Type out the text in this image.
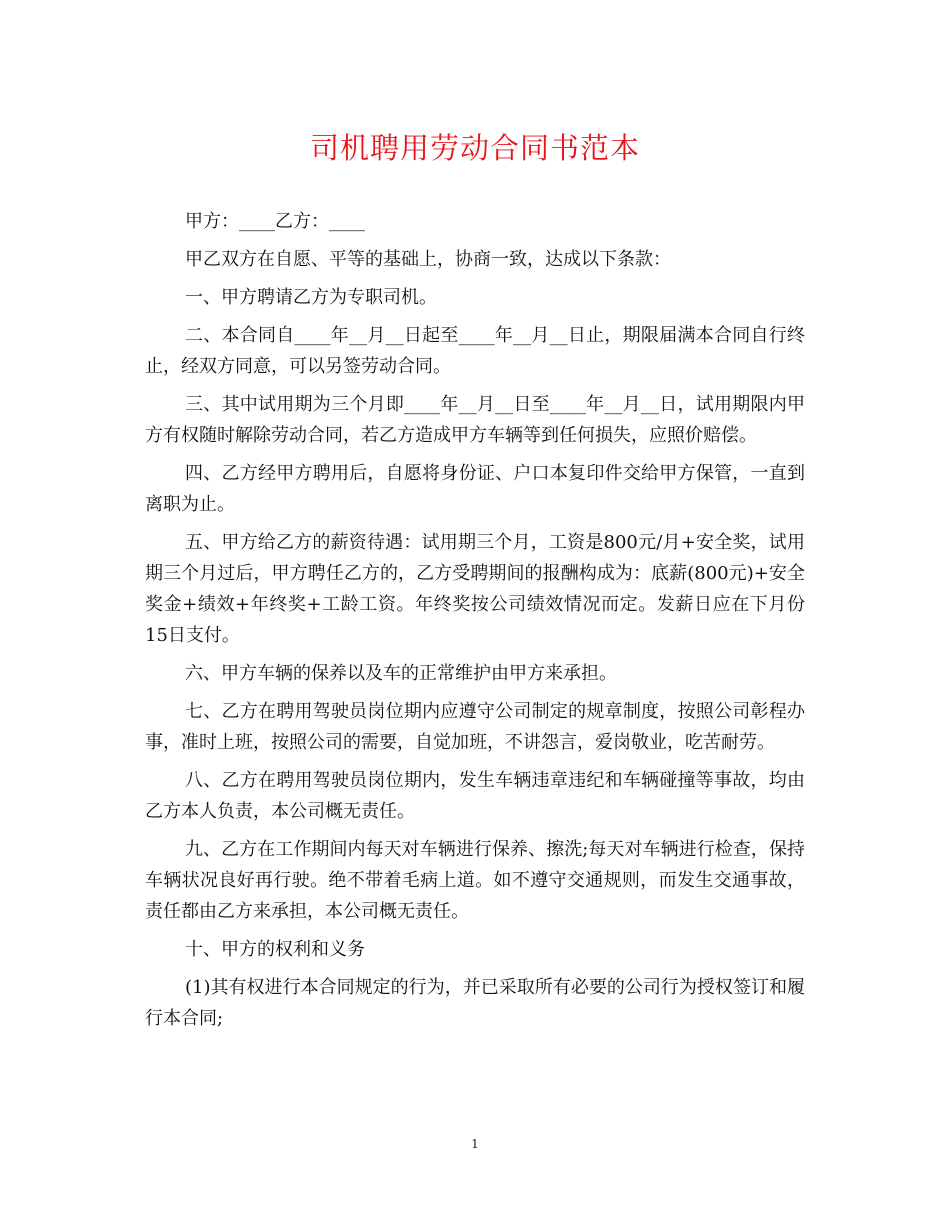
司机聘用劳动合同书范本

甲方：____乙方：____

甲乙双方在自愿、平等的基础上，协商一致，达成以下条款：

一、甲方聘请乙方为专职司机。

二、本合同自____年__月__日起至____年__月__日止，期限届满本合同自行终止，经双方同意，可以另签劳动合同。

三、其中试用期为三个月即____年__月__日至____年__月__日，试用期限内甲方有权随时解除劳动合同，若乙方造成甲方车辆等到任何损失，应照价赔偿。

四、乙方经甲方聘用后，自愿将身份证、户口本复印件交给甲方保管，一直到离职为止。

五、甲方给乙方的薪资待遇：试用期三个月，工资是800元/月+安全奖，试用期三个月过后，甲方聘任乙方的，乙方受聘期间的报酬构成为：底薪(800元)+安全奖金+绩效+年终奖+工龄工资。年终奖按公司绩效情况而定。发薪日应在下月份15日支付。

六、甲方车辆的保养以及车的正常维护由甲方来承担。

七、乙方在聘用驾驶员岗位期内应遵守公司制定的规章制度，按照公司彰程办事，准时上班，按照公司的需要，自觉加班，不讲怨言，爱岗敬业，吃苦耐劳。

八、乙方在聘用驾驶员岗位期内，发生车辆违章违纪和车辆碰撞等事故，均由乙方本人负责，本公司概无责任。

九、乙方在工作期间内每天对车辆进行保养、擦洗;每天对车辆进行检查，保持车辆状况良好再行驶。绝不带着毛病上道。如不遵守交通规则，而发生交通事故，责任都由乙方来承担，本公司概无责任。

十、甲方的权利和义务

(1)其有权进行本合同规定的行为，并已采取所有必要的公司行为授权签订和履行本合同;

1
